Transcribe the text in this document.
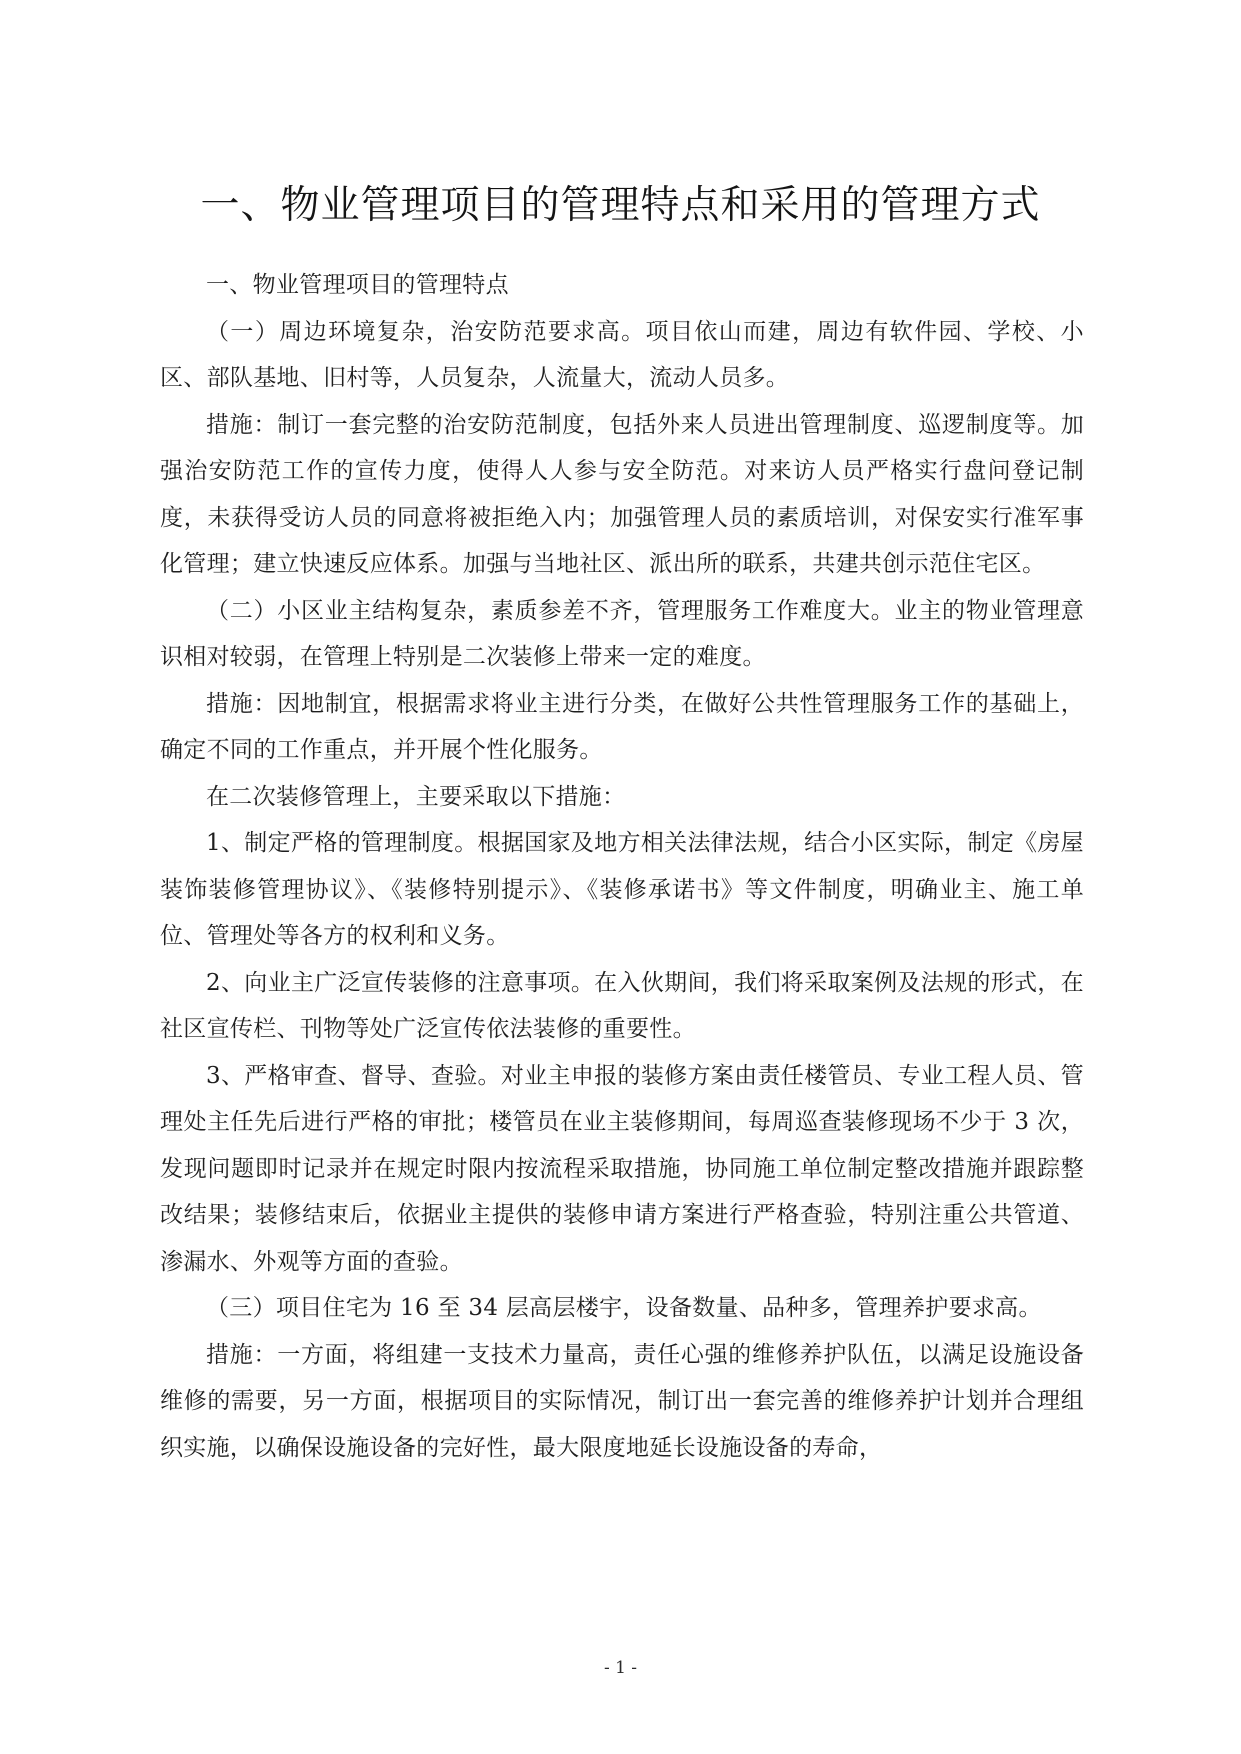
一、物业管理项目的管理特点和采用的管理方式

一、物业管理项目的管理特点

（一）周边环境复杂，治安防范要求高。项目依山而建，周边有软件园、学校、小区、部队基地、旧村等，人员复杂，人流量大，流动人员多。

措施：制订一套完整的治安防范制度，包括外来人员进出管理制度、巡逻制度等。加强治安防范工作的宣传力度，使得人人参与安全防范。对来访人员严格实行盘问登记制度，未获得受访人员的同意将被拒绝入内；加强管理人员的素质培训，对保安实行准军事化管理；建立快速反应体系。加强与当地社区、派出所的联系，共建共创示范住宅区。

（二）小区业主结构复杂，素质参差不齐，管理服务工作难度大。业主的物业管理意识相对较弱，在管理上特别是二次装修上带来一定的难度。

措施：因地制宜，根据需求将业主进行分类，在做好公共性管理服务工作的基础上，确定不同的工作重点，并开展个性化服务。

在二次装修管理上，主要采取以下措施：

1、制定严格的管理制度。根据国家及地方相关法律法规，结合小区实际，制定《房屋装饰装修管理协议》、《装修特别提示》、《装修承诺书》等文件制度，明确业主、施工单位、管理处等各方的权利和义务。

2、向业主广泛宣传装修的注意事项。在入伙期间，我们将采取案例及法规的形式，在社区宣传栏、刊物等处广泛宣传依法装修的重要性。

3、严格审查、督导、查验。对业主申报的装修方案由责任楼管员、专业工程人员、管理处主任先后进行严格的审批；楼管员在业主装修期间，每周巡查装修现场不少于 3 次，发现问题即时记录并在规定时限内按流程采取措施，协同施工单位制定整改措施并跟踪整改结果；装修结束后，依据业主提供的装修申请方案进行严格查验，特别注重公共管道、渗漏水、外观等方面的查验。

（三）项目住宅为 16 至 34 层高层楼宇，设备数量、品种多，管理养护要求高。

措施：一方面，将组建一支技术力量高，责任心强的维修养护队伍，以满足设施设备维修的需要，另一方面，根据项目的实际情况，制订出一套完善的维修养护计划并合理组织实施，以确保设施设备的完好性，最大限度地延长设施设备的寿命，

- 1 -
